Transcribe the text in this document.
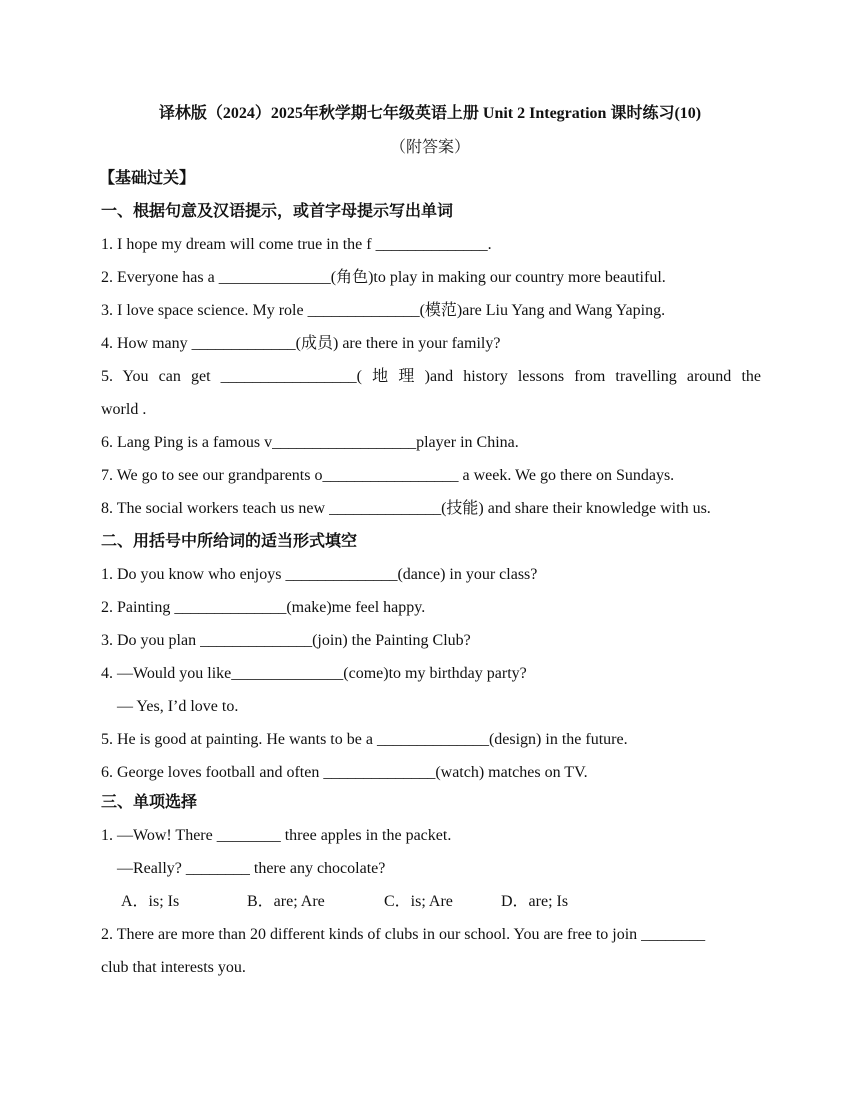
译林版（2024）2025年秋学期七年级英语上册 Unit 2 Integration 课时练习(10)
（附答案）
【基础过关】
一、根据句意及汉语提示，或首字母提示写出单词
1. I hope my dream will come true in the f ______________.
2. Everyone has a ______________(角色)to play in making our country more beautiful.
3. I love space science. My role ______________(模范)are Liu Yang and Wang Yaping.
4. How many _____________(成员) are there in your family?
5. You can get _________________( 地 理 )and history lessons from travelling around the
world .
6. Lang Ping is a famous v__________________player in China.
7. We go to see our grandparents o_________________ a week. We go there on Sundays.
8. The social workers teach us new ______________(技能) and share their knowledge with us.
二、用括号中所给词的适当形式填空
1. Do you know who enjoys ______________(dance) in your class?
2. Painting ______________(make)me feel happy.
3. Do you plan ______________(join) the Painting Club?
4. —Would you like______________(come)to my birthday party?
— Yes, I’d love to.
5. He is good at painting. He wants to be a ______________(design) in the future.
6. George loves football and often ______________(watch) matches on TV.
三、单项选择
1. —Wow! There ________ three apples in the packet.
—Really? ________ there any chocolate?
A．is; Is	B．are; Are	C．is; Are	D．are; Is
2. There are more than 20 different kinds of clubs in our school. You are free to join ________
club that interests you.
